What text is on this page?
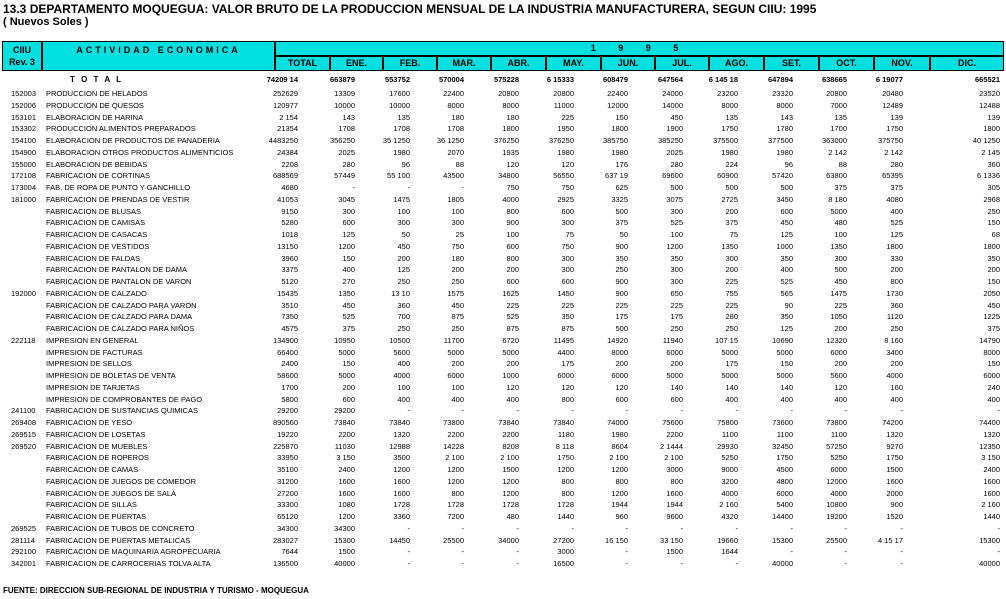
13.3 DEPARTAMENTO MOQUEGUA: VALOR BRUTO DE LA PRODUCCION MENSUAL DE LA INDUSTRIA MANUFACTURERA, SEGUN CIIU: 1995
( Nuevos Soles )
CIIU
Rev. 3
ACTIVIDAD ECONOMICA	1 9 9 5
TOTAL	ENE.	FEB.	MAR.	ABR.	MAY.	JUN.	JUL.	AGO.	SET.	OCT.	NOV.	DIC.
T O T A L	74209 14	663879	553752	570004	575228	6 15333	608479	647564	6 145 18	647894	638665	6 19077	665521
152003	PRODUCCION DE HELADOS	252629	13309	17600	22400	20800	20800	22400	24000	23200	23320	20800	20480	23520
152006	PRODUCCION DE QUESOS	120977	10000	10000	8000	8000	11000	12000	14000	8000	8000	7000	12489	12488
153101	ELABORACION DE HARINA	2 154	143	135	180	180	225	150	450	135	143	135	139	139
153302	PRODUCCION ALIMENTOS PREPARADOS	21354	1708	1708	1708	1800	1950	1800	1900	1750	1780	1700	1750	1800
154100	ELABORACION DE PRODUCTOS DE PANADERIA	4483250	356250	35 1250	36 1250	376250	376250	385750	385250	375500	377500	363000	375750	40 1250
154900	ELABORACION OTROS PRODUCTOS ALIMENTICIOS	24384	2025	1980	2070	1935	1980	1980	2025	1980	1980	2 142	2 142	2 145
155000	ELABORACION DE BEBIDAS	2208	280	96	88	120	120	176	280	224	96	88	280	360
172108	FABRICACION DE CORTINAS	688569	57449	55 100	43500	34800	56550	637 19	69600	60900	57420	63800	65395	6 1336
173004	FAB. DE ROPA DE PUNTO Y GANCHILLO	4680	-	-	-	750	750	625	500	500	500	375	375	305
181000	FABRICACION DE PRENDAS DE VESTIR	41053	3045	1475	1805	4000	2925	3325	3075	2725	3450	8 180	4080	2968
FABRICACION DE BLUSAS	9150	300	100	100	800	600	500	300	200	600	5000	400	250
FABRICACION DE CAMISAS	5280	600	300	300	900	300	375	525	375	450	480	525	150
FABRICACION DE CASACAS	1018	125	50	25	100	75	50	100	75	125	100	125	68
FABRICACION DE VESTIDOS	13150	1200	450	750	600	750	900	1200	1350	1000	1350	1800	1800
FABRICACION DE FALDAS	3960	150	200	180	800	300	350	350	300	350	300	330	350
FABRICACION DE PANTALON DE DAMA	3375	400	125	200	200	300	250	300	200	400	500	200	200
FABRICACION DE PANTALON DE VARON	5120	270	250	250	600	600	900	300	225	525	450	800	150
192000	FABRICACION DE CALZADO	15435	1350	13 10	1575	1625	1450	900	650	755	565	1475	1730	2050
FABRICACION DE CALZADO PARA VARON	3510	450	360	450	225	225	225	225	225	90	225	360	450
FABRICACION DE CALZADO PARA DAMA	7350	525	700	875	525	350	175	175	280	350	1050	1120	1225
FABRICACION DE CALZADO PARA NIÑOS	4575	375	250	250	875	875	500	250	250	125	200	250	375
222118	IMPRESION EN GENERAL	134900	10950	10500	11700	6720	11495	14920	11940	107 15	10690	12320	8 160	14790
IMPRESION DE FACTURAS	66400	5000	5600	5000	5000	4400	8000	6000	5000	5000	6000	3400	8000
IMPRESION DE SELLOS	2400	150	400	200	200	175	200	200	175	150	200	200	150
IMPRESION DE BOLETAS DE VENTA	58600	5000	4000	6000	1000	6000	6000	5000	5000	5000	5600	4000	6000
IMPRESION DE TARJETAS	1700	200	100	100	120	120	120	140	140	140	120	160	240
IMPRESION DE COMPROBANTES DE PAGO	5800	600	400	400	400	800	600	600	400	400	400	400	400
241100	FABRICACION DE SUSTANCIAS QUIMICAS	29200	29200	-	-	-	-	-	-	-	-	-	-	-
269408	FABRICACION DE YESO	890560	73840	73840	73800	73840	73840	74000	75600	75800	73600	73800	74200	74400
269515	FABRICACION DE LOSETAS	19220	2200	1320	2200	2200	1180	1980	2200	1100	1100	1100	1320	1320
269520	FABRICACION DE MUEBLES	225870	11030	12988	14228	8208	8 118	8604	2 1444	29930	32450	57250	9270	12350
FABRICACION DE ROPEROS	33950	3 150	3500	2 100	2 100	1750	2 100	2 100	5250	1750	5250	1750	3 150
FABRICACION DE CAMAS	35100	2400	1200	1200	1500	1200	1200	3000	9000	4500	6000	1500	2400
FABRICACION DE JUEGOS DE COMEDOR	31200	1600	1600	1200	1200	800	800	800	3200	4800	12000	1600	1600
FABRICACION DE JUEGOS DE SALA	27200	1600	1600	800	1200	800	1200	1600	4000	6000	4000	2000	1600
FABRICACION DE SILLAS	33300	1080	1728	1728	1728	1728	1944	1944	2 160	5400	10800	900	2 160
FABRICACION DE PUERTAS	65120	1200	3360	7200	480	1440	960	9600	4320	14400	19200	1520	1440
269525	FABRICACION DE TUBOS DE CONCRETO	34300	34300	-	-	-	-	-	-	-	-	-	-	-
281114	FABRICACION DE PUERTAS METALICAS	283027	15300	14450	25500	34000	27200	16 150	33 150	19660	15300	25500	4 15 17	15300
292100	FABRICACION DE MAQUINARIA AGROPECUARIA	7644	1500	-	-	-	3000	-	1500	1644	-	-	-	-
342001	FABRICACION DE CARROCERIAS TOLVA ALTA	136500	40000	-	-	-	16500	-	-	-	40000	-	-	40000
FUENTE: DIRECCION SUB-REGIONAL DE INDUSTRIA Y TURISMO - MOQUEGUA
